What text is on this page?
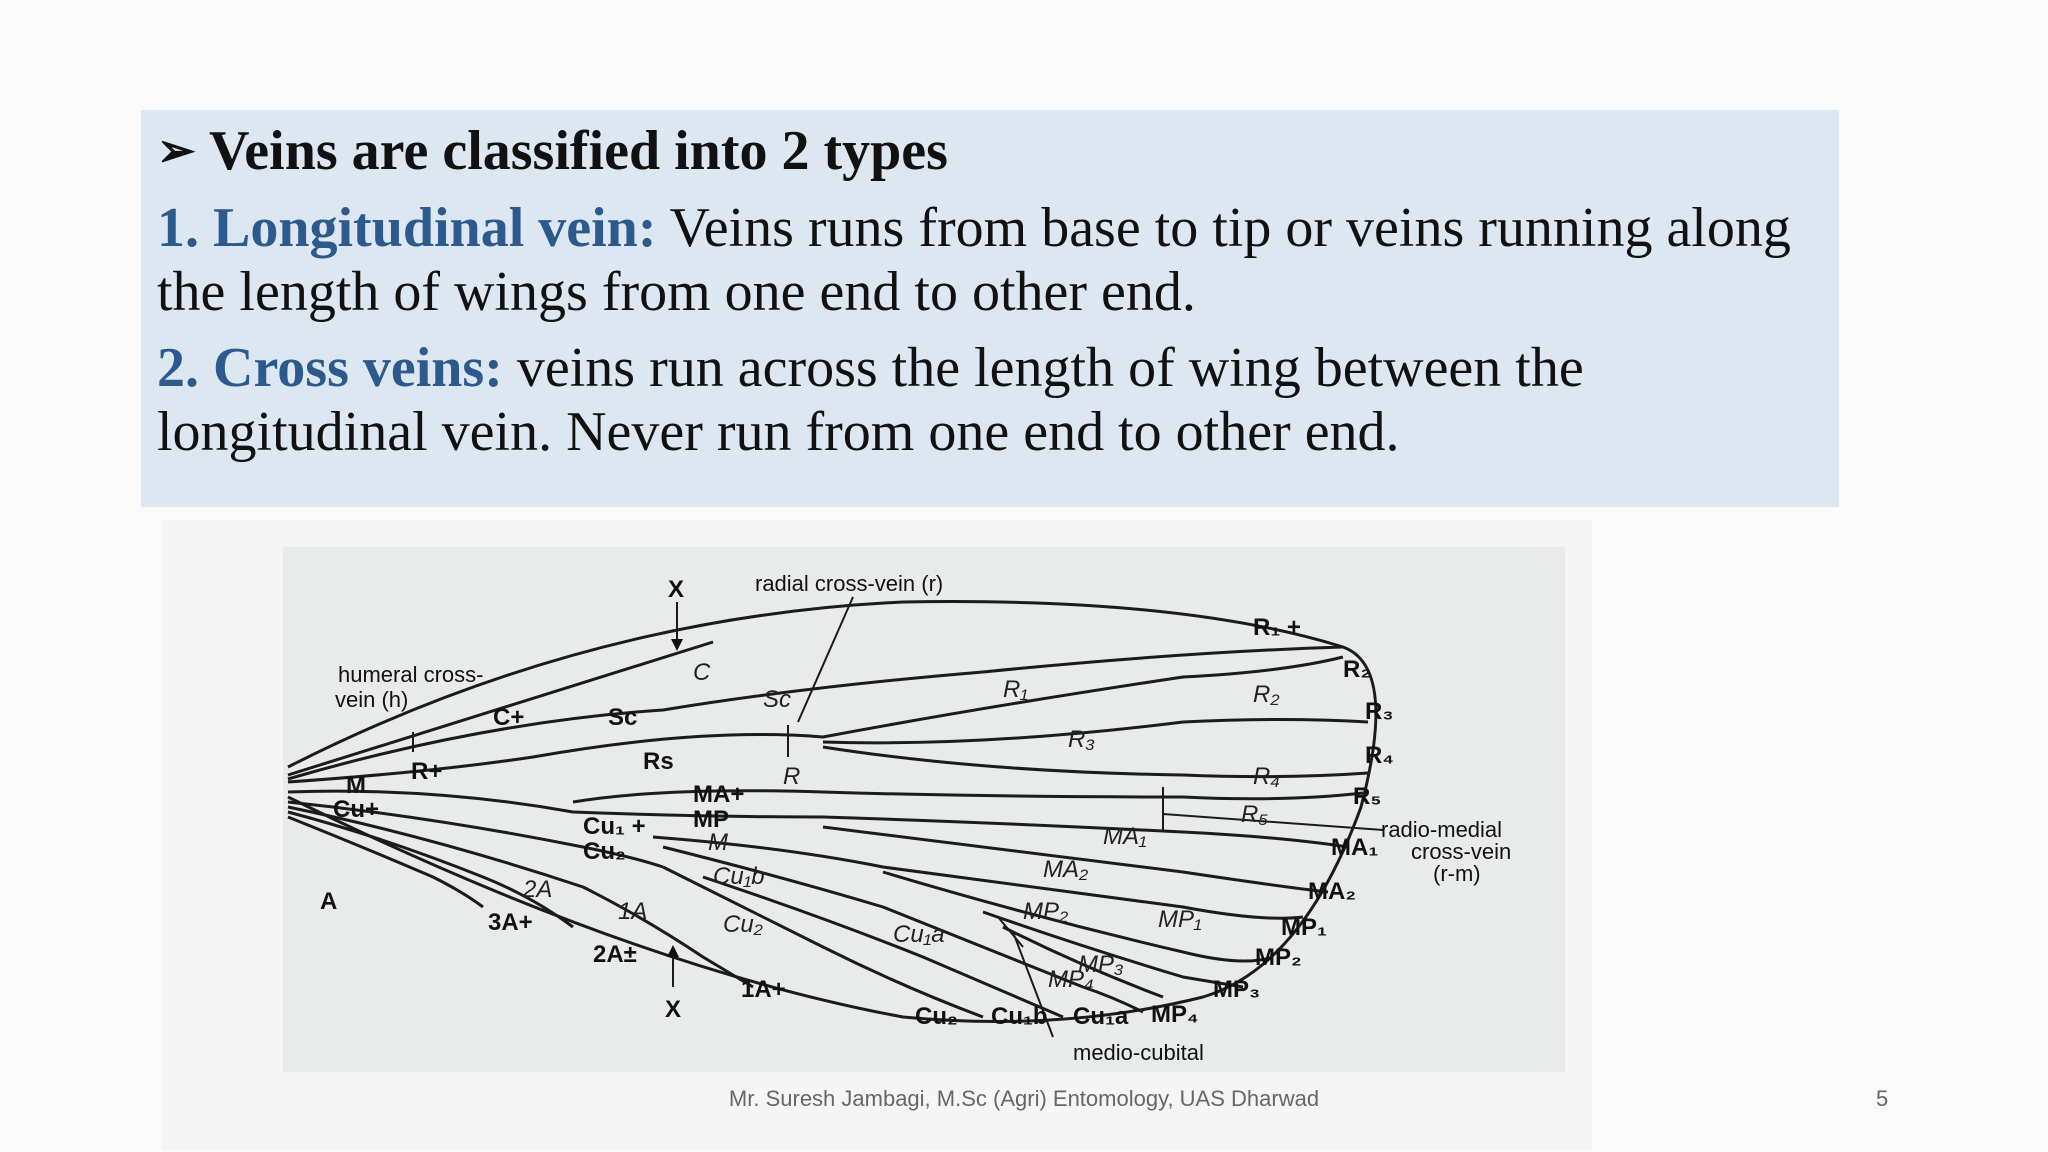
➢ Veins are classified into 2 types

1. Longitudinal vein: Veins runs from base to tip or veins running along the length of wings from one end to other end.

2. Cross veins: veins run across the length of wing between the longitudinal vein. Never run from one end to other end.

radial cross-vein (r)
X
X
humeral cross-
vein (h)
C+	Sc
C
Sc
R₁ +
R₂
R₃
R₄
R₅
R₁	R₂
R₃
R₄
R₅
R+	Rs
R
M
Cu+
MA+
MP
M
Cu₁ +
Cu₂
radio-medial
cross-vein
(r-m)
MA₁
MA₂
MA₁
MA₂
MP₁
MP₂
MP₃
MP₄
MP₁
MP₂
MP₃
MP₄
A	2A
1A
3A+
2A±
1A+
Cu₁b
Cu₂	Cu₁a
Cu₂ Cu₁b Cu₁a
medio-cubital
Mr. Suresh Jambagi, M.Sc (Agri) Entomology, UAS Dharwad	5
